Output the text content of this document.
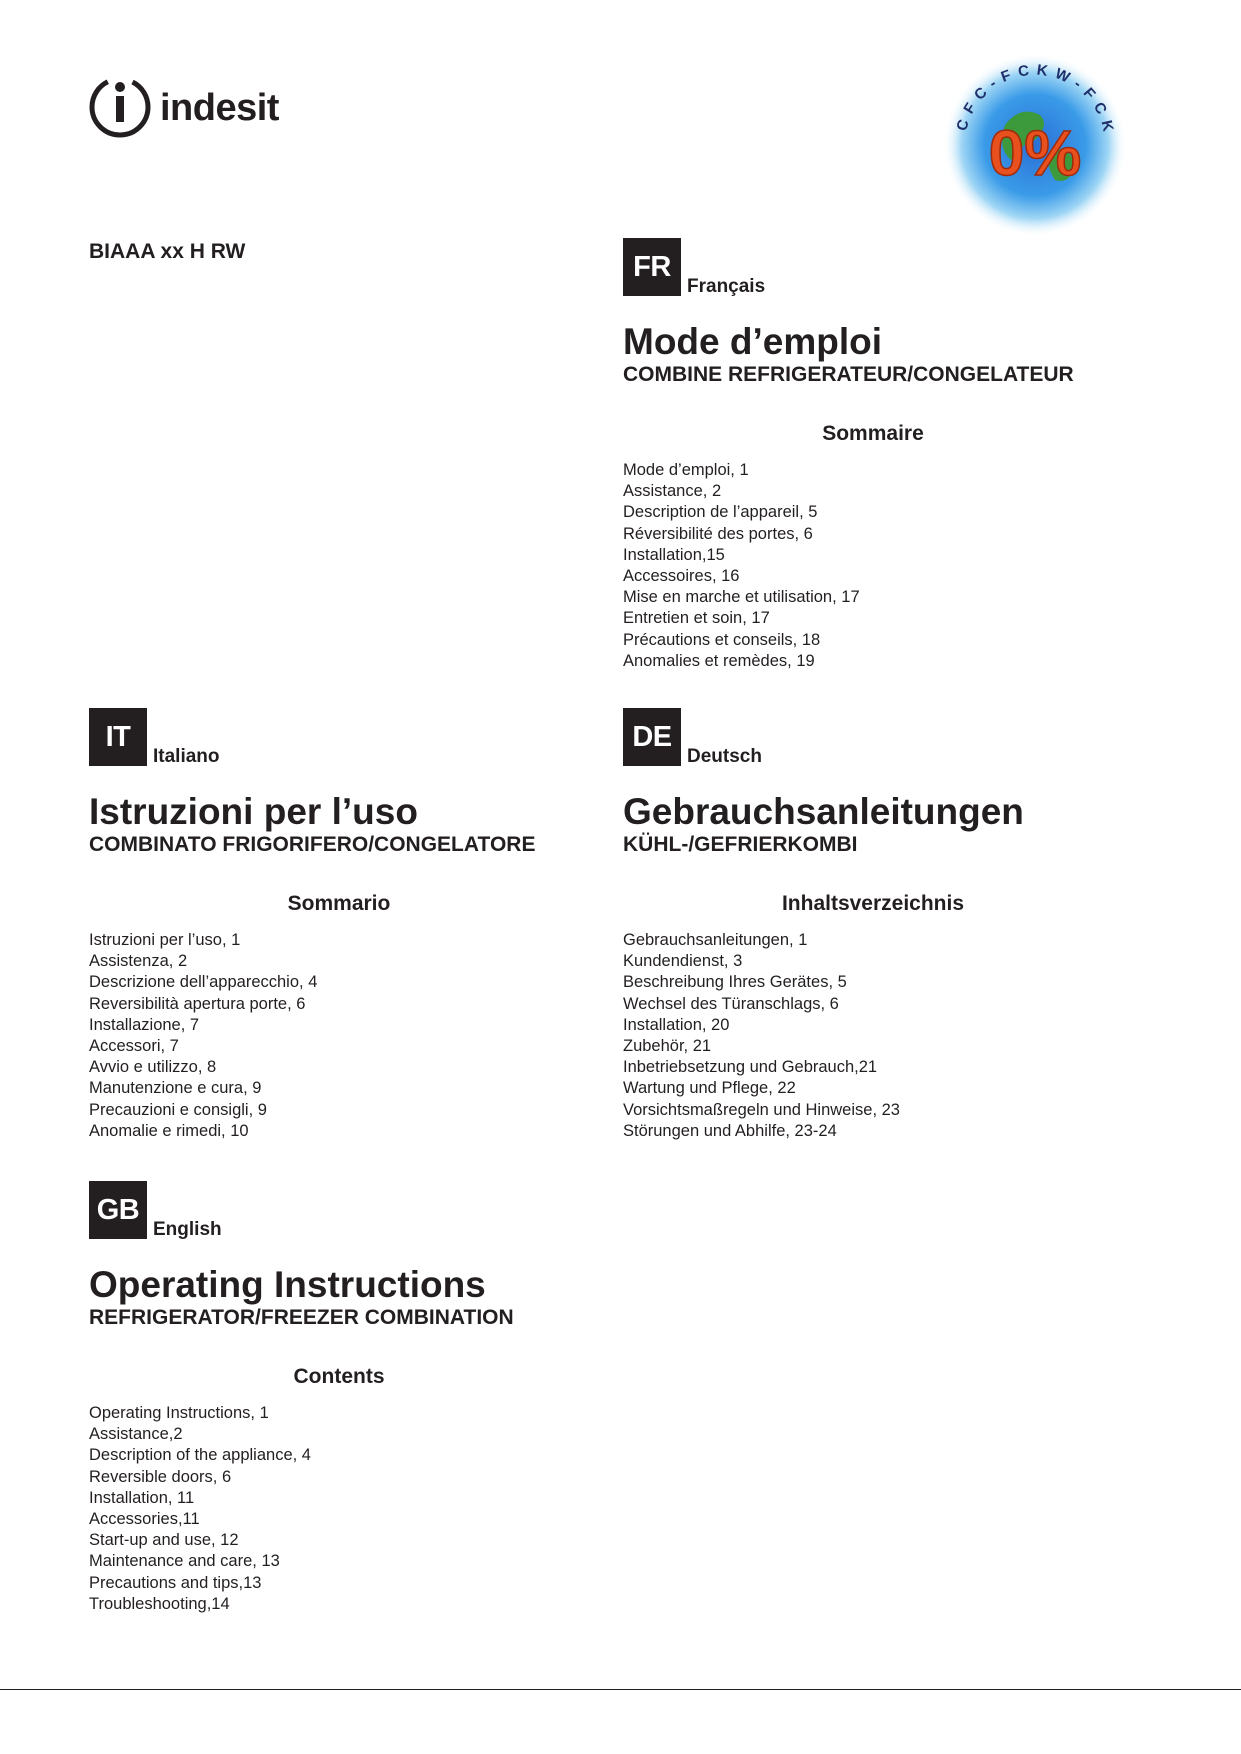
indesit	CFC-FCKW-FCK
0%
BIAAA xx H RW	FR
Français
Mode d’emploi
COMBINE REFRIGERATEUR/CONGELATEUR
Sommaire
Mode d’emploi, 1
Assistance, 2
Description de l’appareil, 5
Réversibilité des portes, 6
Installation,15
Accessoires, 16
Mise en marche et utilisation, 17
Entretien et soin, 17
Précautions et conseils, 18
Anomalies et remèdes, 19
IT
Italiano
Istruzioni per l’uso
COMBINATO FRIGORIFERO/CONGELATORE
Sommario
Istruzioni per l’uso, 1
Assistenza, 2
Descrizione dell’apparecchio, 4
Reversibilità apertura porte, 6
Installazione, 7
Accessori, 7
Avvio e utilizzo, 8
Manutenzione e cura, 9
Precauzioni e consigli, 9
Anomalie e rimedi, 10
DE
Deutsch
Gebrauchsanleitungen
KÜHL-/GEFRIERKOMBI
Inhaltsverzeichnis
Gebrauchsanleitungen, 1
Kundendienst, 3
Beschreibung Ihres Gerätes, 5
Wechsel des Türanschlags, 6
Installation, 20
Zubehör, 21
Inbetriebsetzung und Gebrauch,21
Wartung und Pflege, 22
Vorsichtsmaßregeln und Hinweise, 23
Störungen und Abhilfe, 23-24
GB
English
Operating Instructions
REFRIGERATOR/FREEZER COMBINATION
Contents
Operating Instructions, 1
Assistance,2
Description of the appliance, 4
Reversible doors, 6
Installation, 11
Accessories,11
Start-up and use, 12
Maintenance and care, 13
Precautions and tips,13
Troubleshooting,14
